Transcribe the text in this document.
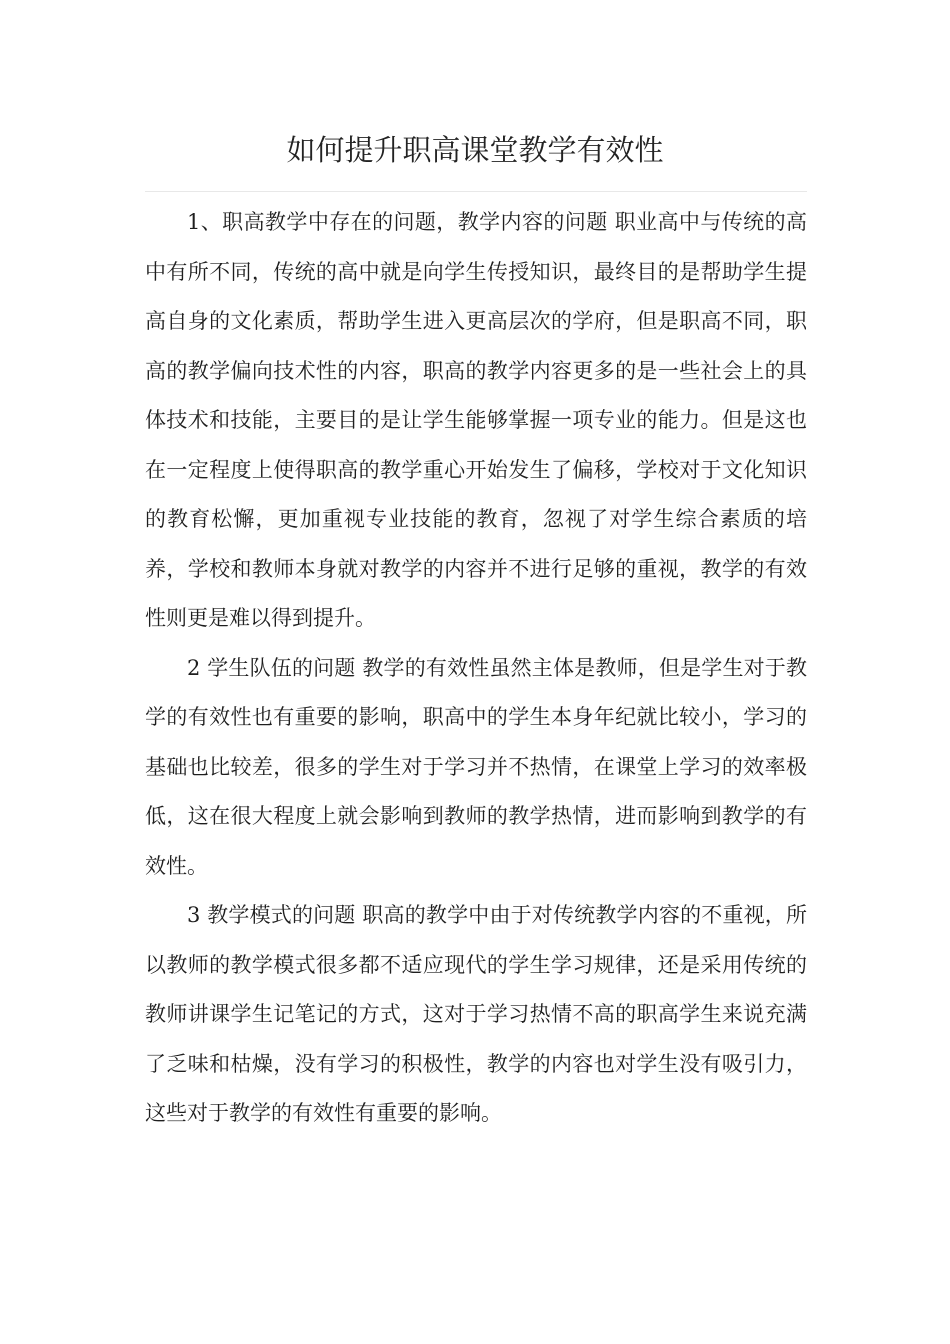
如何提升职高课堂教学有效性

1、职高教学中存在的问题，教学内容的问题 职业高中与传统的高中有所不同，传统的高中就是向学生传授知识，最终目的是帮助学生提高自身的文化素质，帮助学生进入更高层次的学府，但是职高不同，职高的教学偏向技术性的内容，职高的教学内容更多的是一些社会上的具体技术和技能，主要目的是让学生能够掌握一项专业的能力。但是这也在一定程度上使得职高的教学重心开始发生了偏移，学校对于文化知识的教育松懈，更加重视专业技能的教育，忽视了对学生综合素质的培养，学校和教师本身就对教学的内容并不进行足够的重视，教学的有效性则更是难以得到提升。

2 学生队伍的问题 教学的有效性虽然主体是教师，但是学生对于教学的有效性也有重要的影响，职高中的学生本身年纪就比较小，学习的基础也比较差，很多的学生对于学习并不热情，在课堂上学习的效率极低，这在很大程度上就会影响到教师的教学热情，进而影响到教学的有效性。

3 教学模式的问题 职高的教学中由于对传统教学内容的不重视，所以教师的教学模式很多都不适应现代的学生学习规律，还是采用传统的教师讲课学生记笔记的方式，这对于学习热情不高的职高学生来说充满了乏味和枯燥，没有学习的积极性，教学的内容也对学生没有吸引力，这些对于教学的有效性有重要的影响。
